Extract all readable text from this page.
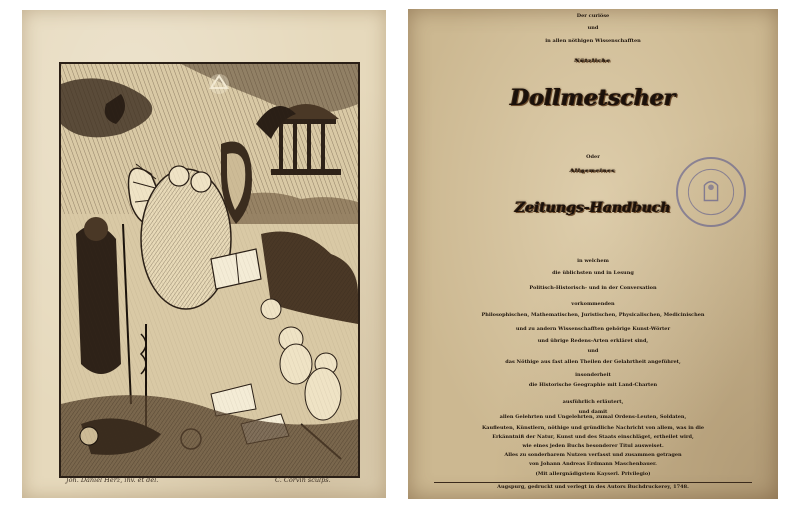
Joh. Daniel Herz, inv. et del.	C. Corvin sculps.
Der curiöse
und
in allen nöthigen Wissenschafften
Nützliche
Dollmetscher
Oder
Allgemeines
Zeitungs-Handbuch
in welchem
die üblichsten und in Lesung
Politisch-Historisch- und in der Conversation
vorkommenden
Philosophischen, Mathematischen, Juristischen, Physicalischen, Medicinischen
und zu andern Wissenschafften gehörige Kunst-Wörter
und übrige Redens-Arten erkläret sind,
und
das Nöthige aus fast allen Theilen der Gelahrtheit angeführet,
insonderheit
die Historische Geographie mit Land-Charten
ausführlich erläutert,
und damit
allen Gelehrten und Ungelehrten, zumal Ordens-Leuten, Soldaten,
Kaufleuten, Künstlern, nöthige und gründliche Nachricht von allem, was in die
Erkänntniß der Natur, Kunst und des Staats einschläget, ertheilet wird,
wie eines jeden Buchs besonderer Titul ausweiset.
Alles zu sonderbarem Nutzen verfasst und zusammen getragen
von Johann Andreas Erdmann Maschenbauer.
Augspurg, gedruckt und verlegt in des Autors Buchdruckerey, 1748.
(Mit allergnädigstem Kayserl. Privilegio)
